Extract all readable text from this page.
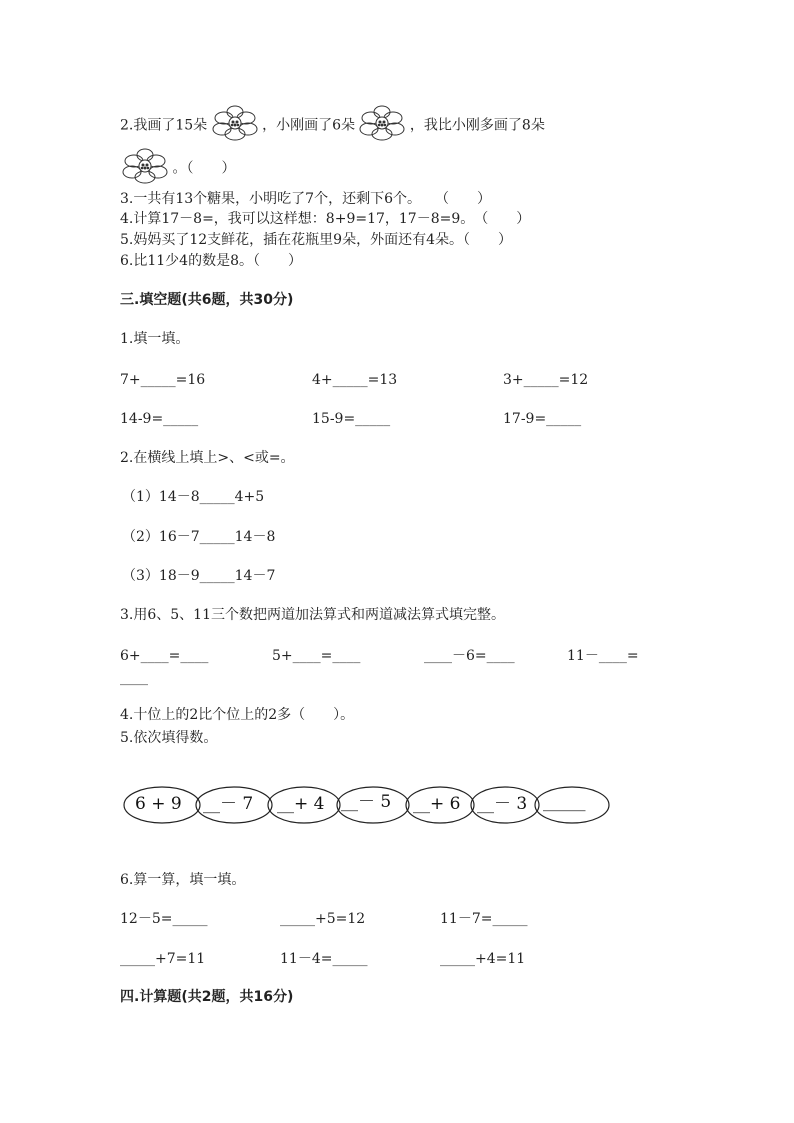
2.我画了15朵	，小刚画了6朵	，我比小刚多画了8朵
。（　　）
3.一共有13个糖果，小明吃了7个，还剩下6个。　　（　　）
4.计算17－8=，我可以这样想：8+9=17，17－8=9。　（　　）
5.妈妈买了12支鲜花，插在花瓶里9朵，外面还有4朵。（　　）
6.比11少4的数是8。（　　）
三.填空题(共6题，共30分)
1.填一填。
7+_____=16	4+_____=13	3+_____=12
14-9=_____	15-9=_____	17-9=_____
2.在横线上填上>、<或=。
（1）14－8_____4+5
（2）16－7_____14－8
（3）18－9_____14－7
3.用6、5、11三个数把两道加法算式和两道减法算式填完整。
6+____=____	5+____=____	____－6=____	11－____=
____
4.十位上的2比个位上的2多（　　）。
5.依次填得数。
6 + 9 __－ 7 __+ 4 __－ 5 __+ 6 __－ 3 _____
6.算一算，填一填。
12－5=_____	_____+5=12	11－7=_____
_____+7=11	11－4=_____	_____+4=11
四.计算题(共2题，共16分)
